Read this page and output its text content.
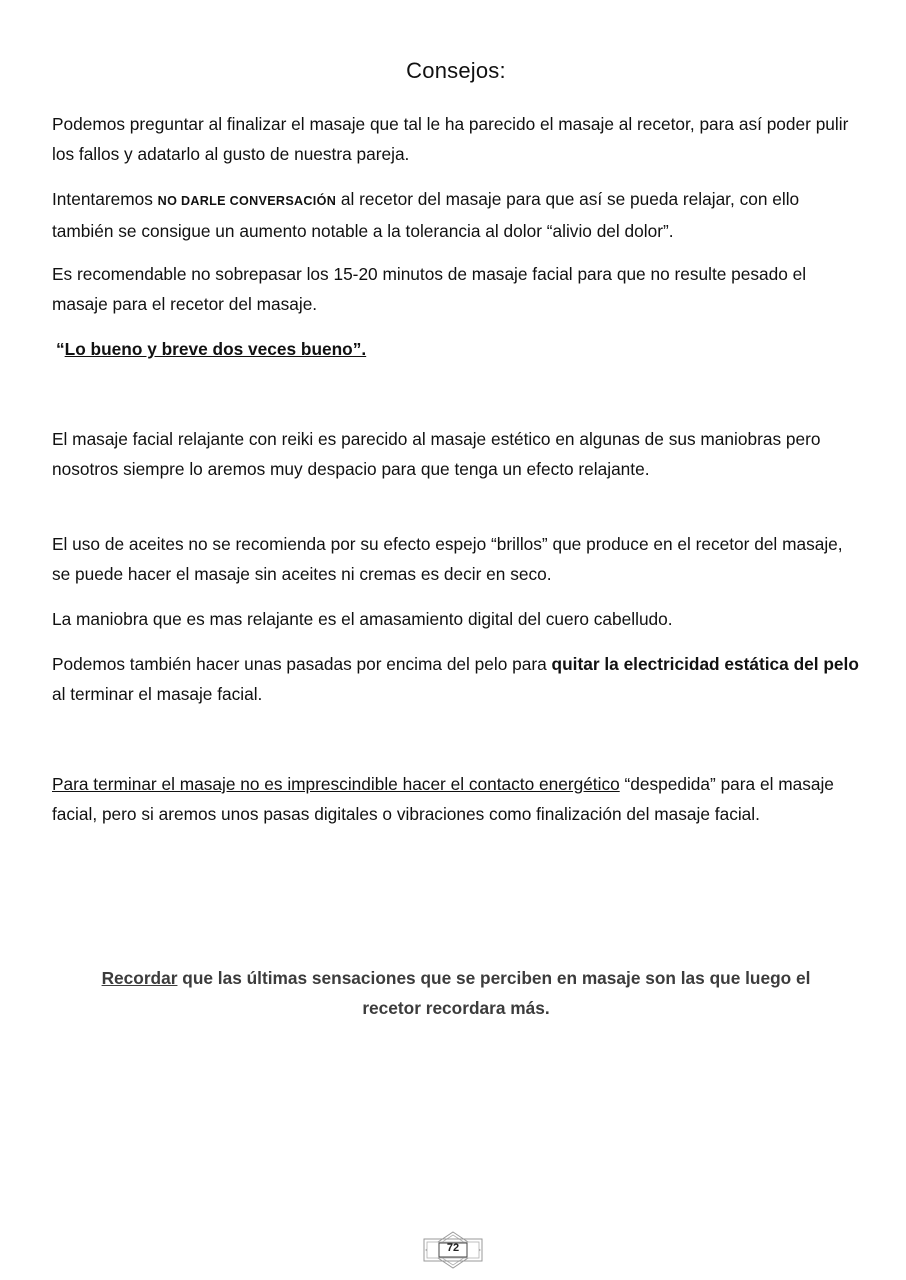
Consejos:

Podemos preguntar al finalizar el masaje que tal le ha parecido el masaje al recetor, para así poder pulir los fallos y adatarlo al gusto de nuestra pareja.

Intentaremos NO DARLE CONVERSACIÓN al recetor del masaje para que así se pueda relajar, con ello también se consigue un aumento notable a la tolerancia al dolor “alivio del dolor”.

Es recomendable no sobrepasar los 15-20 minutos de masaje facial para que no resulte pesado el masaje para el recetor del masaje.

“Lo bueno y breve dos veces bueno”.

El masaje facial relajante con reiki es parecido al masaje estético en algunas de sus maniobras pero nosotros siempre lo aremos muy despacio para que tenga un efecto relajante.

El uso de aceites no se recomienda por su efecto espejo “brillos” que produce en el recetor del masaje, se puede hacer el masaje sin aceites ni cremas es decir en seco.

La maniobra que es mas relajante es el amasamiento digital del cuero cabelludo.

Podemos también hacer unas pasadas por encima del pelo para quitar la electricidad estática del pelo al terminar el masaje facial.

Para terminar el masaje no es imprescindible hacer el contacto energético “despedida” para el masaje facial, pero si aremos unos pasas digitales o vibraciones como finalización del masaje facial.

Recordar que las últimas sensaciones que se perciben en masaje son las que luego el recetor recordara más.
72
